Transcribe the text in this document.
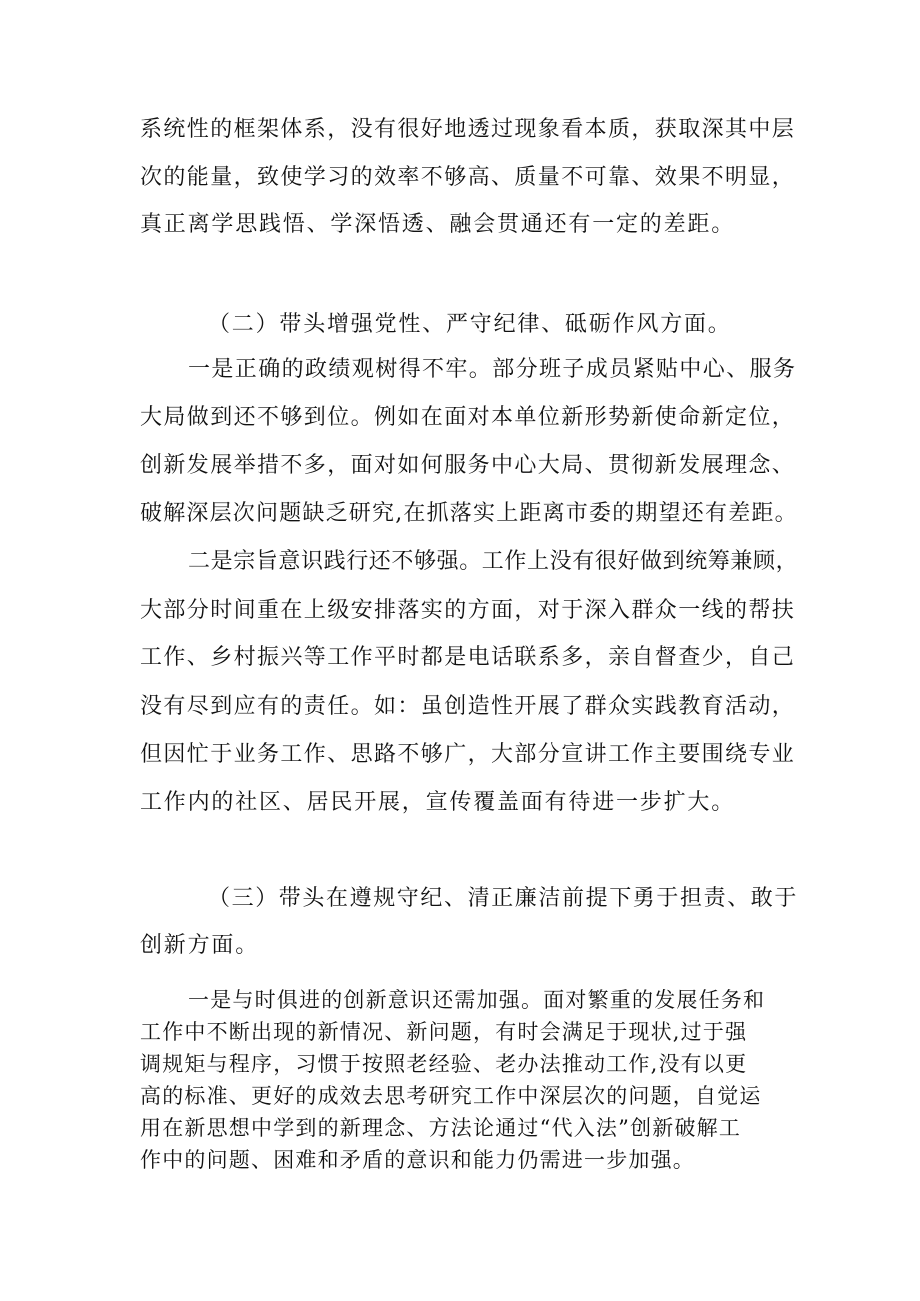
系统性的框架体系，没有很好地透过现象看本质，获取深其中层

次的能量，致使学习的效率不够高、质量不可靠、效果不明显，

真正离学思践悟、学深悟透、融会贯通还有一定的差距。

（二）带头增强党性、严守纪律、砥砺作风方面。

一是正确的政绩观树得不牢。部分班子成员紧贴中心、服务

大局做到还不够到位。例如在面对本单位新形势新使命新定位，

创新发展举措不多，面对如何服务中心大局、贯彻新发展理念、

破解深层次问题缺乏研究,在抓落实上距离市委的期望还有差距。

二是宗旨意识践行还不够强。工作上没有很好做到统筹兼顾，

大部分时间重在上级安排落实的方面，对于深入群众一线的帮扶

工作、乡村振兴等工作平时都是电话联系多，亲自督查少，自己

没有尽到应有的责任。如：虽创造性开展了群众实践教育活动，

但因忙于业务工作、思路不够广，大部分宣讲工作主要围绕专业

工作内的社区、居民开展，宣传覆盖面有待进一步扩大。

（三）带头在遵规守纪、清正廉洁前提下勇于担责、敢于

创新方面。

一是与时俱进的创新意识还需加强。面对繁重的发展任务和

工作中不断出现的新情况、新问题，有时会满足于现状,过于强

调规矩与程序，习惯于按照老经验、老办法推动工作,没有以更

高的标准、更好的成效去思考研究工作中深层次的问题，自觉运

用在新思想中学到的新理念、方法论通过“代入法”创新破解工

作中的问题、困难和矛盾的意识和能力仍需进一步加强。
